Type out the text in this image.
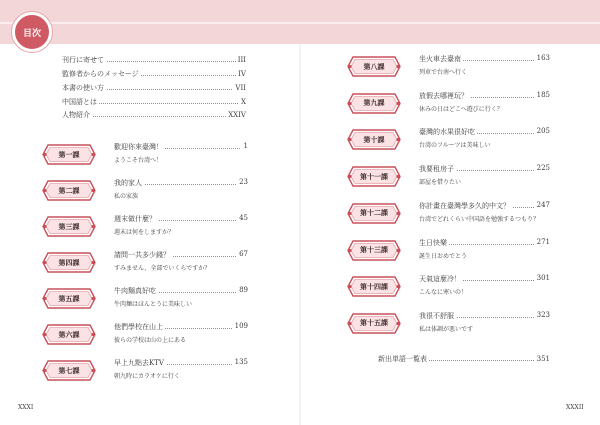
目次
刊行に寄せて	III
監修者からのメッセージ	IV
本書の使い方	VII
中国語とは	X
人物紹介	XXIV
第一課
歡迎你來臺灣！
ようこそ台湾へ！
1
第二課
我的家人
私の家族
23
第三課
週末做什麼？
週末は何をしますか？
45
第四課
請問一共多少錢？
すみません、全部でいくらですか？
67
第五課
牛肉麵真好吃
牛肉麺はほんとうに美味しい
89
第六課
他們學校在山上
彼らの学校は山の上にある
109
第七課
早上九點去KTV
朝九時にカラオケに行く
135
第八課
坐火車去臺南
列車で台南へ行く
163
第九課
放假去哪裡玩？
休みの日はどこへ遊びに行く？
185
第十課
臺灣的水果很好吃
台湾のフルーツは美味しい
205
第十一課
我要租房子
部屋を借りたい
225
第十二課
你計畫在臺灣學多久的中文？
台湾でどれくらい中国語を勉強するつもり？
247
第十三課
生日快樂
誕生日おめでとう
271
第十四課
天氣這麼冷！
こんなに寒いの！
301
第十五課
我很不舒服
私は体調が悪いです
323
新出単語一覧表	351
XXXI	XXXII
